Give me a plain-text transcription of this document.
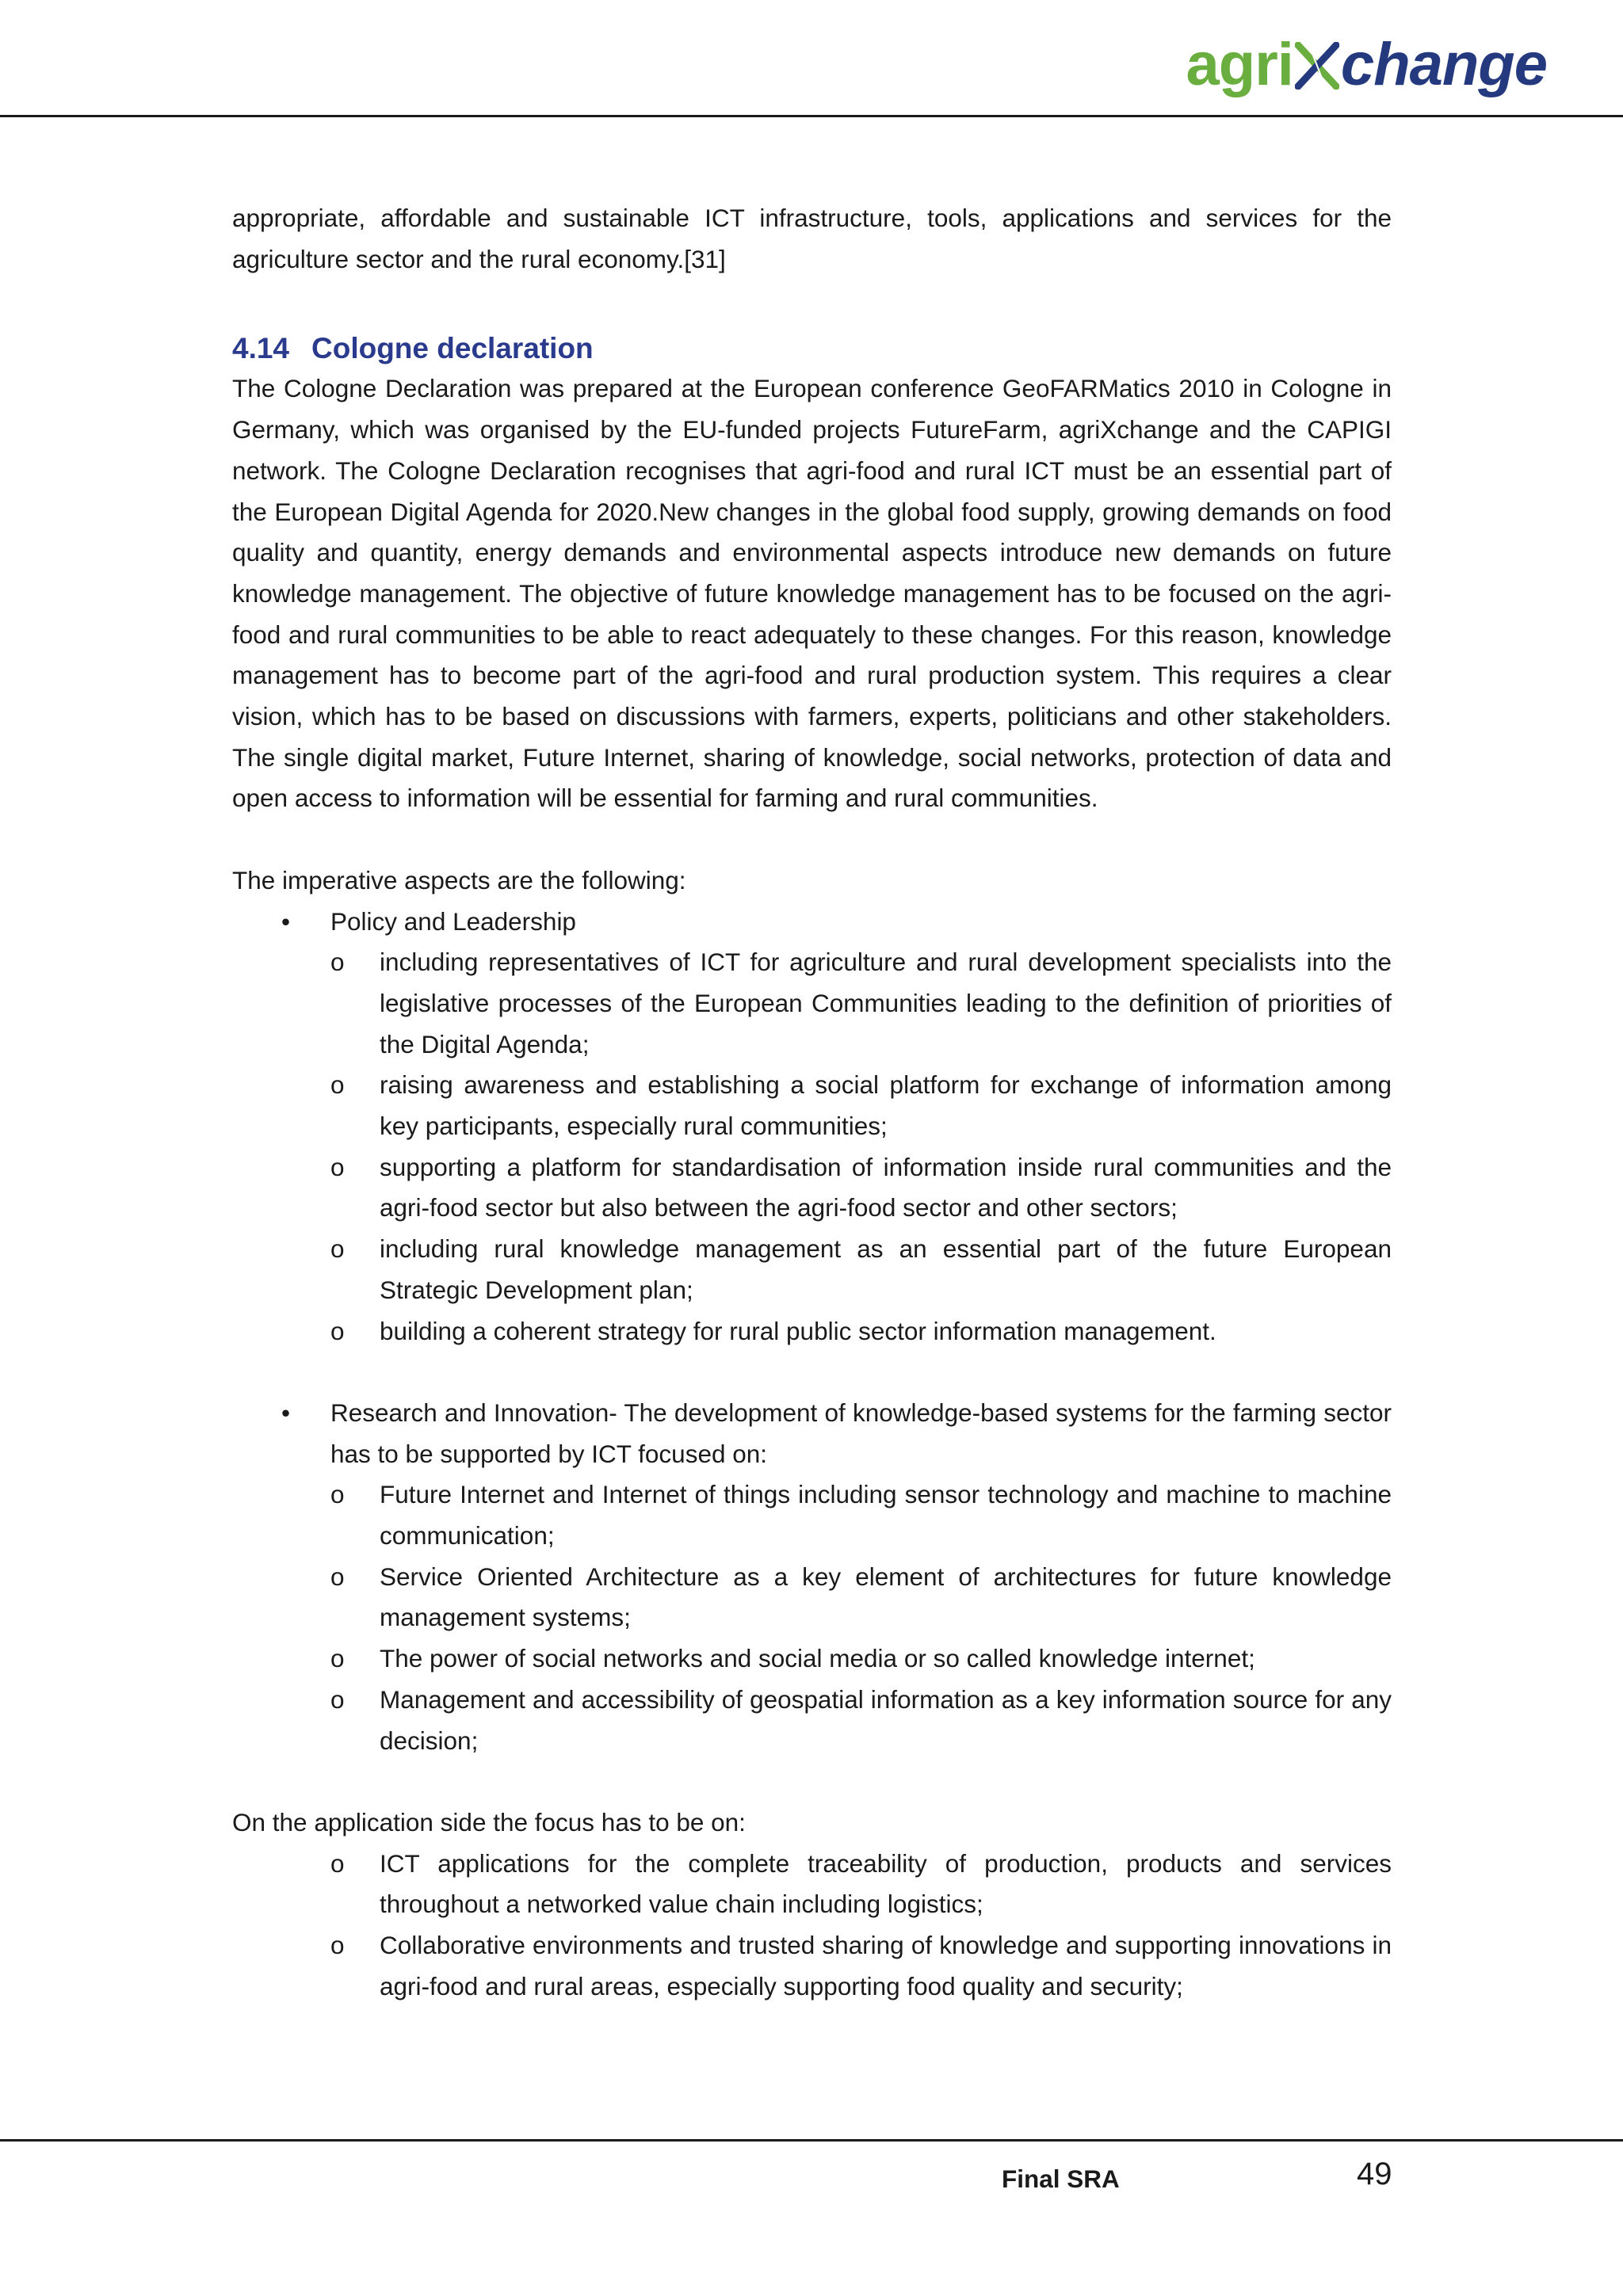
agri change

appropriate, affordable and sustainable ICT infrastructure, tools, applications and services for the agriculture sector and the rural economy.[31]

4.14 Cologne declaration

The Cologne Declaration was prepared at the European conference GeoFARMatics 2010 in Cologne in Germany, which was organised by the EU-funded projects FutureFarm, agriXchange and the CAPIGI network. The Cologne Declaration recognises that agri-food and rural ICT must be an essential part of the European Digital Agenda for 2020.New changes in the global food supply, growing demands on food quality and quantity, energy demands and environmental aspects introduce new demands on future knowledge management. The objective of future knowledge management has to be focused on the agri-food and rural communities to be able to react adequately to these changes. For this reason, knowledge management has to become part of the agri-food and rural production system. This requires a clear vision, which has to be based on discussions with farmers, experts, politicians and other stakeholders. The single digital market, Future Internet, sharing of knowledge, social networks, protection of data and open access to information will be essential for farming and rural communities.

The imperative aspects are the following:

• Policy and Leadership
o including representatives of ICT for agriculture and rural development specialists into the legislative processes of the European Communities leading to the definition of priorities of the Digital Agenda;
o raising awareness and establishing a social platform for exchange of information among key participants, especially rural communities;
o supporting a platform for standardisation of information inside rural communities and the agri-food sector but also between the agri-food sector and other sectors;
o including rural knowledge management as an essential part of the future European Strategic Development plan;
o building a coherent strategy for rural public sector information management.
• Research and Innovation- The development of knowledge-based systems for the farming sector has to be supported by ICT focused on:
o Future Internet and Internet of things including sensor technology and machine to machine communication;
o Service Oriented Architecture as a key element of architectures for future knowledge management systems;
o The power of social networks and social media or so called knowledge internet;
o Management and accessibility of geospatial information as a key information source for any decision;

On the application side the focus has to be on:

o ICT applications for the complete traceability of production, products and services throughout a networked value chain including logistics;
o Collaborative environments and trusted sharing of knowledge and supporting innovations in agri-food and rural areas, especially supporting food quality and security;
Final SRA	49
